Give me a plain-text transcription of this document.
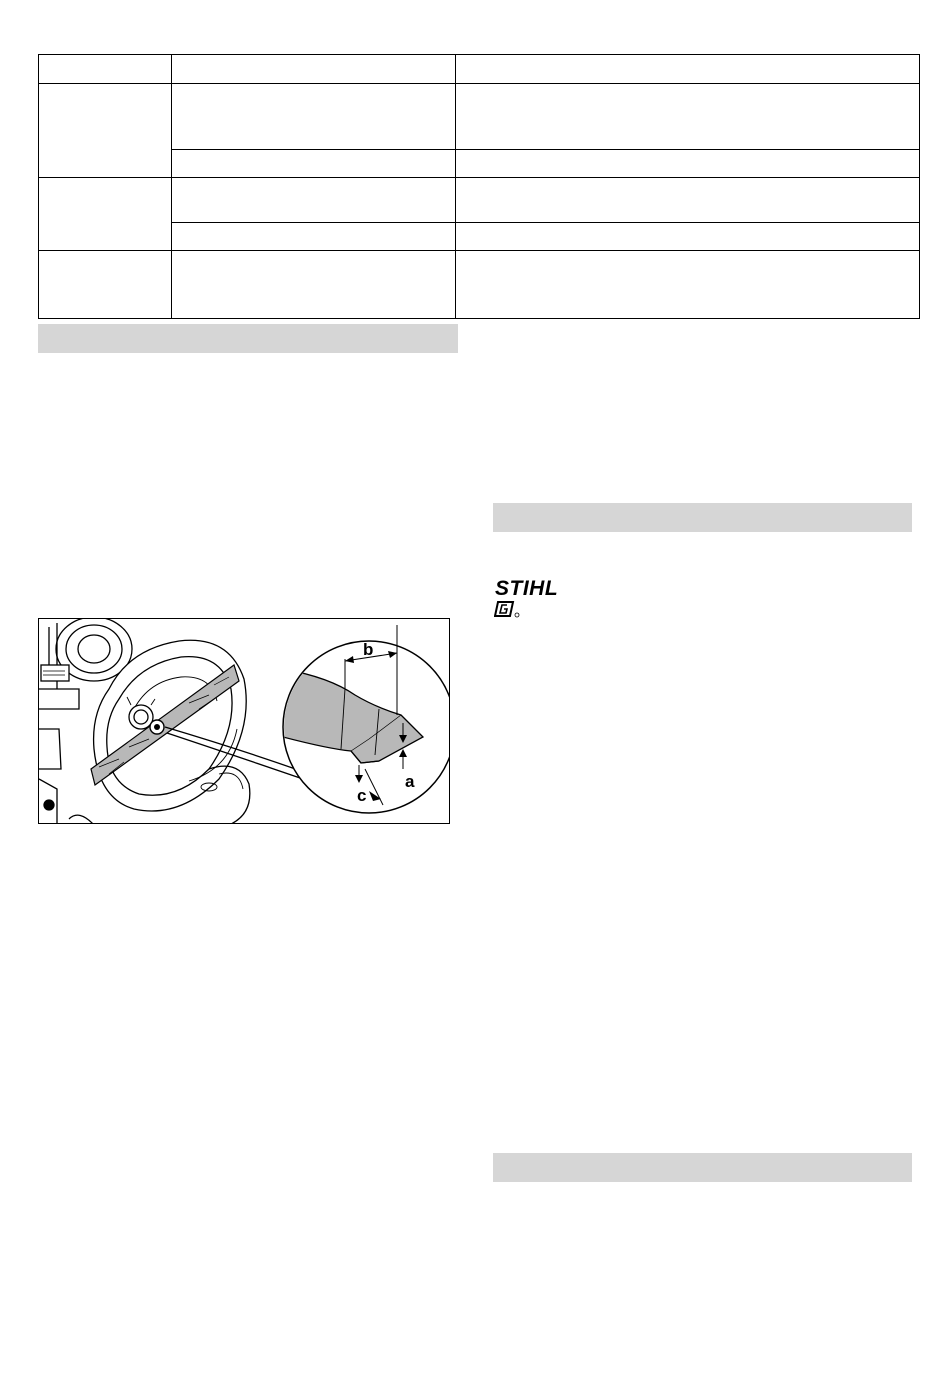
STIHL
b
a
c
